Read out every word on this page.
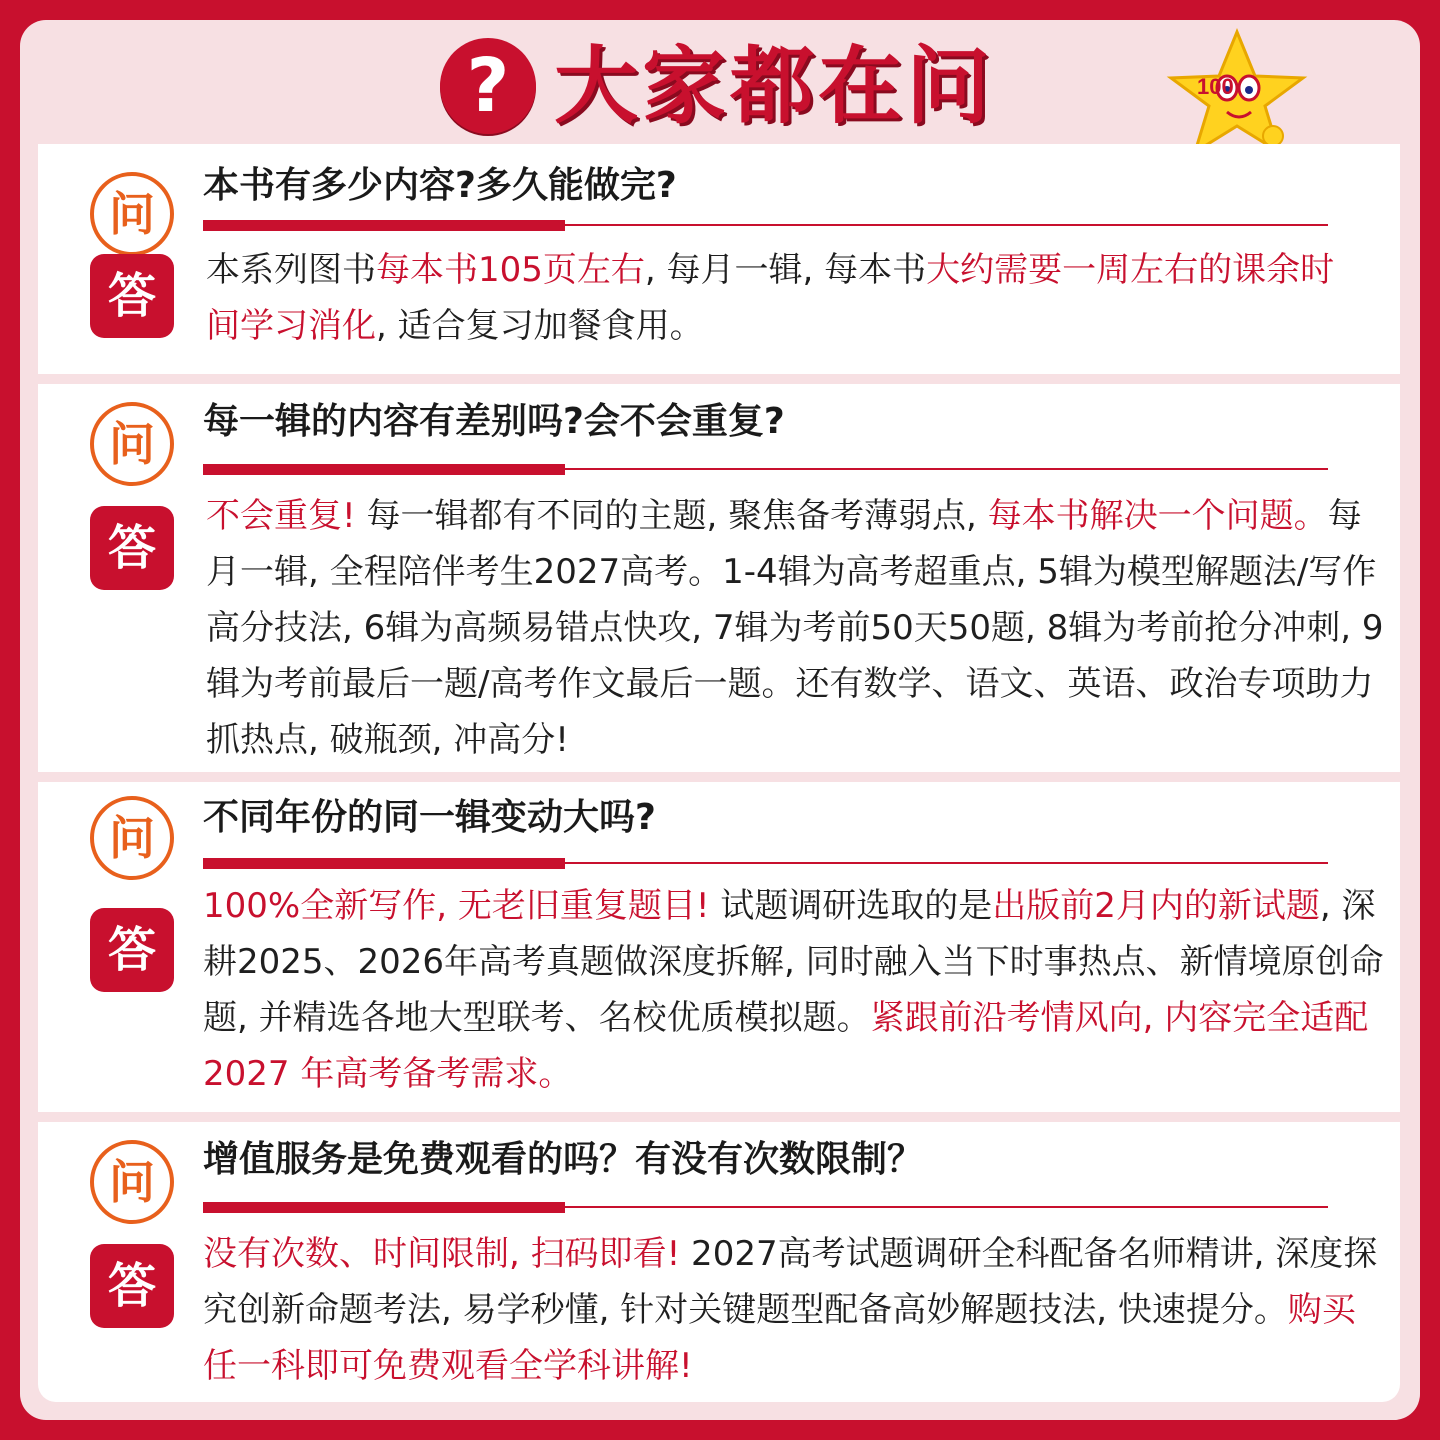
? 大家都在问	100
问
本书有多少内容?多久能做完?
答	本系列图书每本书105页左右, 每月一辑, 每本书大约需要一周左右的课余时间学习消化, 适合复习加餐食用。
问	每一辑的内容有差别吗?会不会重复?
答
不会重复! 每一辑都有不同的主题, 聚焦备考薄弱点, 每本书解决一个问题。每月一辑, 全程陪伴考生2027高考。1-4辑为高考超重点, 5辑为模型解题法/写作高分技法, 6辑为高频易错点快攻, 7辑为考前50天50题, 8辑为考前抢分冲刺, 9辑为考前最后一题/高考作文最后一题。还有数学、语文、英语、政治专项助力抓热点, 破瓶颈, 冲高分!
问	不同年份的同一辑变动大吗?
答
100%全新写作, 无老旧重复题目! 试题调研选取的是出版前2月内的新试题, 深耕2025、2026年高考真题做深度拆解, 同时融入当下时事热点、新情境原创命题, 并精选各地大型联考、名校优质模拟题。紧跟前沿考情风向, 内容完全适配 2027 年高考备考需求。
问	增值服务是免费观看的吗？有没有次数限制？
答
没有次数、时间限制, 扫码即看! 2027高考试题调研全科配备名师精讲, 深度探究创新命题考法, 易学秒懂, 针对关键题型配备高妙解题技法, 快速提分。购买任一科即可免费观看全学科讲解!
